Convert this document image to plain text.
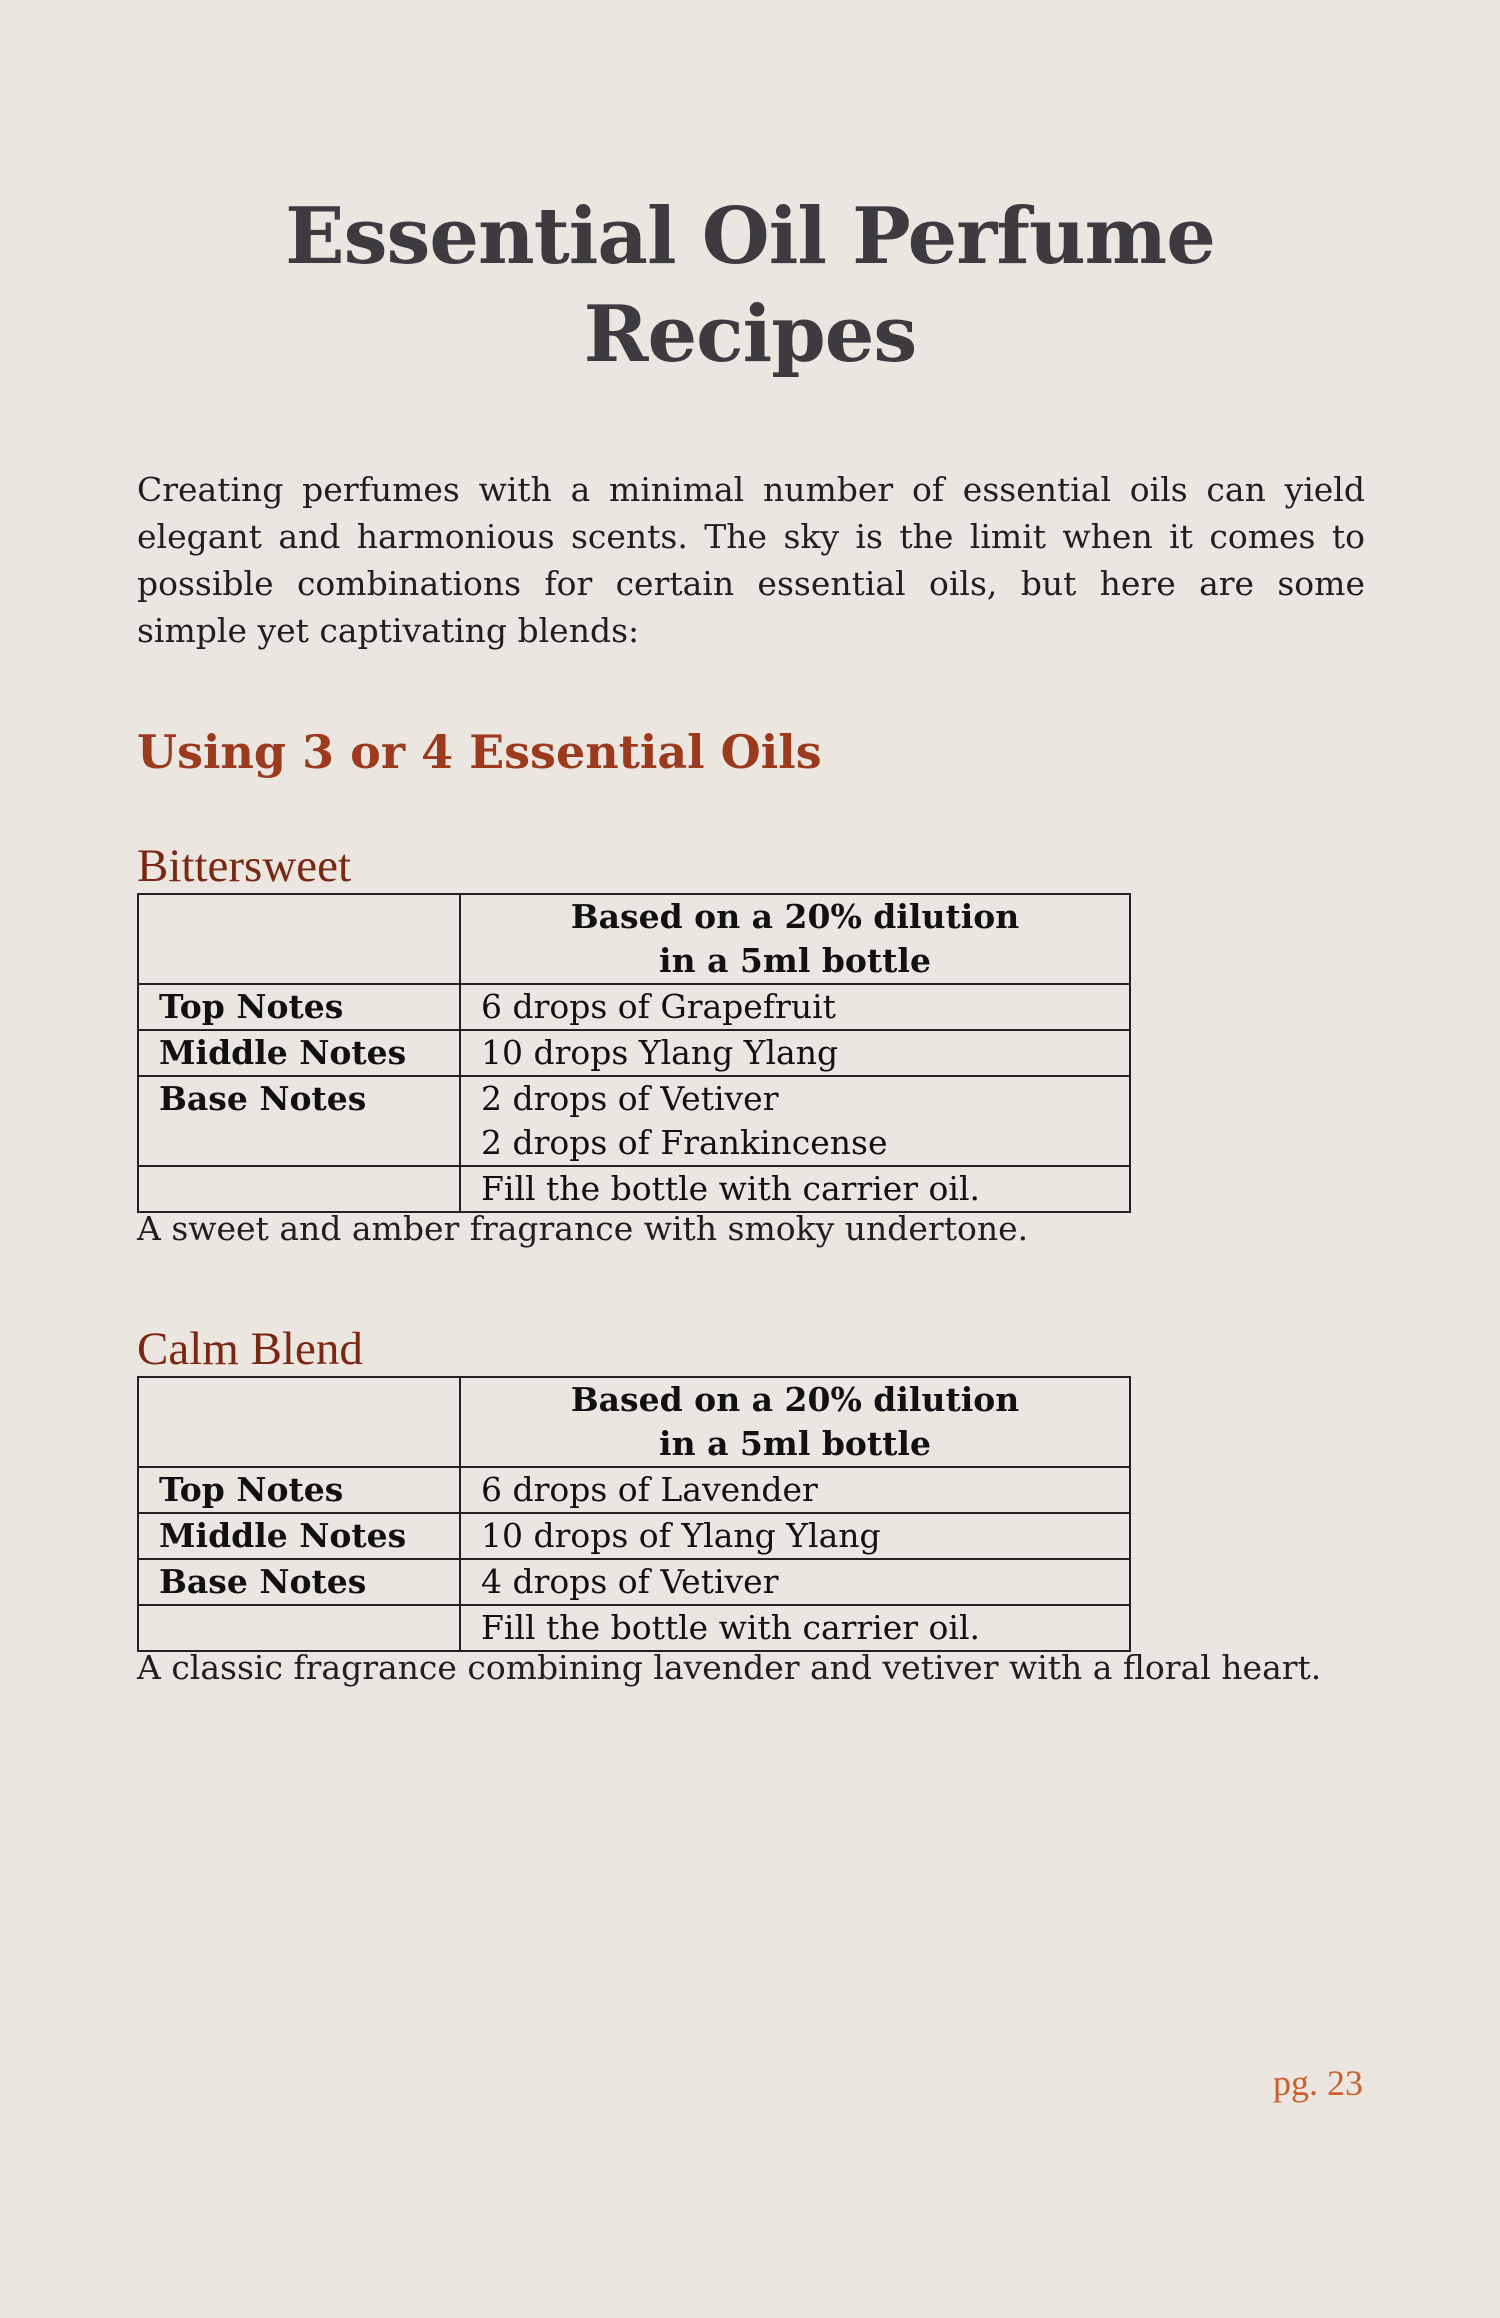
Essential Oil Perfume
Recipes

Creating perfumes with a minimal number of essential oils can yield elegant and harmonious scents. The sky is the limit when it comes to possible combinations for certain essential oils, but here are some simple yet captivating blends:

Using 3 or 4 Essential Oils
Bittersweet

	Based on a 20% dilution
in a 5ml bottle

Top Notes	6 drops of Grapefruit
Middle Notes	10 drops Ylang Ylang
Base Notes	2 drops of Vetiver
2 drops of Frankincense

	Fill the bottle with carrier oil.

A sweet and amber fragrance with smoky undertone.

Calm Blend

	Based on a 20% dilution
in a 5ml bottle

Top Notes	6 drops of Lavender
Middle Notes	10 drops of Ylang Ylang
Base Notes	4 drops of Vetiver
	Fill the bottle with carrier oil.

A classic fragrance combining lavender and vetiver with a floral heart.

pg. 23
